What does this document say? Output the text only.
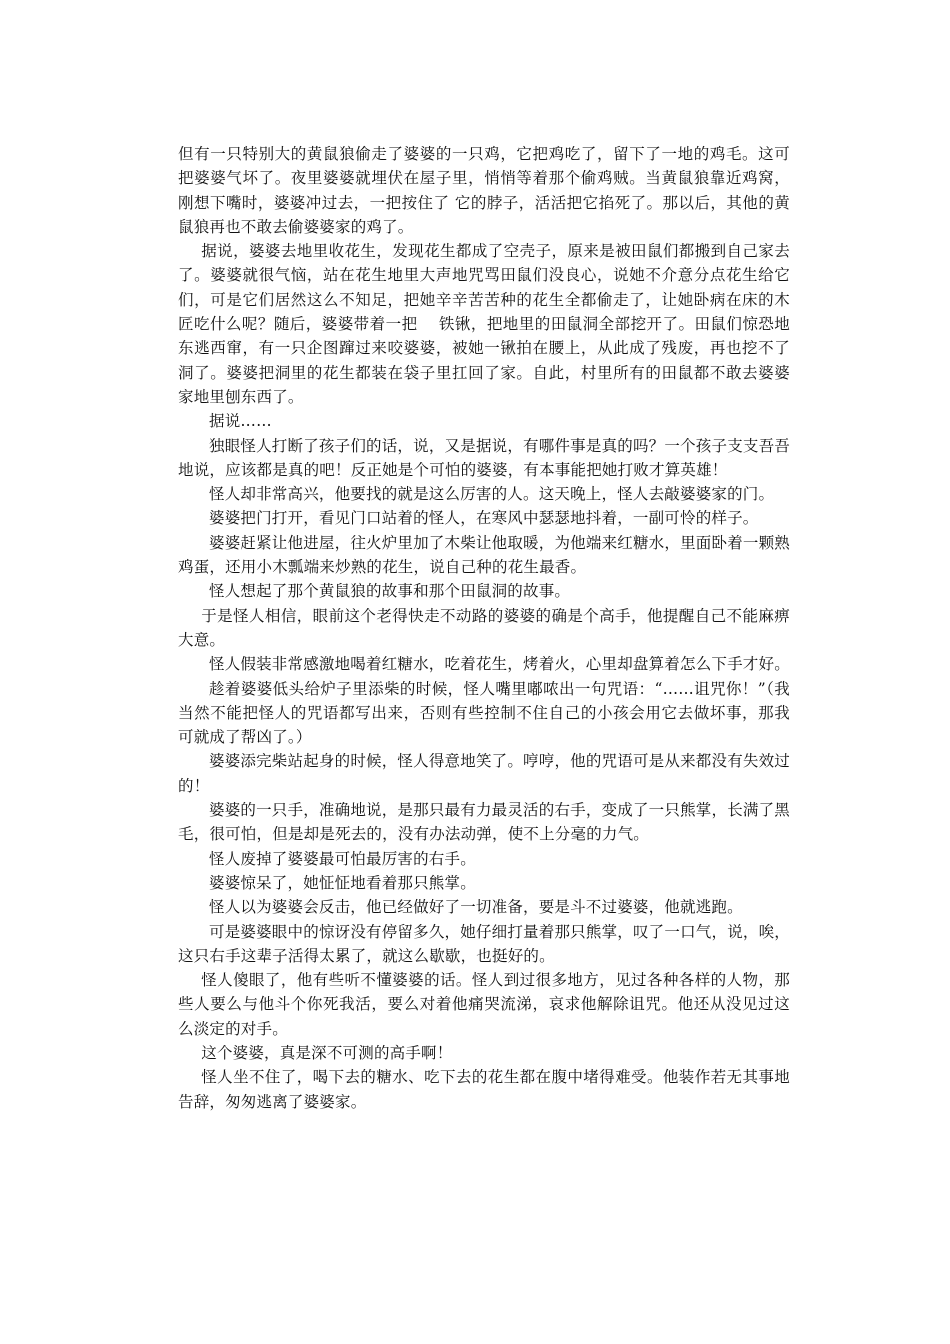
但有一只特别大的黄鼠狼偷走了婆婆的一只鸡，它把鸡吃了，留下了一地的鸡毛。这可把婆婆气坏了。夜里婆婆就埋伏在屋子里，悄悄等着那个偷鸡贼。当黄鼠狼靠近鸡窝，刚想下嘴时，婆婆冲过去，一把按住了 它的脖子，活活把它掐死了。那以后，其他的黄鼠狼再也不敢去偷婆婆家的鸡了。

据说，婆婆去地里收花生，发现花生都成了空壳子，原来是被田鼠们都搬到自己家去了。婆婆就很气恼，站在花生地里大声地咒骂田鼠们没良心，说她不介意分点花生给它们，可是它们居然这么不知足，把她辛辛苦苦种的花生全都偷走了，让她卧病在床的木匠吃什么呢？随后，婆婆带着一把　 铁锹，把地里的田鼠洞全部挖开了。田鼠们惊恐地东逃西窜，有一只企图蹿过来咬婆婆，被她一锹拍在腰上，从此成了残废，再也挖不了洞了。婆婆把洞里的花生都装在袋子里扛回了家。自此，村里所有的田鼠都不敢去婆婆家地里刨东西了。

据说……

独眼怪人打断了孩子们的话，说，又是据说，有哪件事是真的吗？一个孩子支支吾吾地说，应该都是真的吧！反正她是个可怕的婆婆，有本事能把她打败才算英雄！

怪人却非常高兴，他要找的就是这么厉害的人。这天晚上，怪人去敲婆婆家的门。

婆婆把门打开，看见门口站着的怪人，在寒风中瑟瑟地抖着，一副可怜的样子。

婆婆赶紧让他进屋，往火炉里加了木柴让他取暖，为他端来红糖水，里面卧着一颗熟鸡蛋，还用小木瓢端来炒熟的花生，说自己种的花生最香。

怪人想起了那个黄鼠狼的故事和那个田鼠洞的故事。

于是怪人相信，眼前这个老得快走不动路的婆婆的确是个高手，他提醒自己不能麻痹大意。

怪人假装非常感激地喝着红糖水，吃着花生，烤着火，心里却盘算着怎么下手才好。

趁着婆婆低头给炉子里添柴的时候，怪人嘴里嘟哝出一句咒语：“……诅咒你！”（我当然不能把怪人的咒语都写出来，否则有些控制不住自己的小孩会用它去做坏事，那我可就成了帮凶了。）

婆婆添完柴站起身的时候，怪人得意地笑了。哼哼，他的咒语可是从来都没有失效过的！

婆婆的一只手，准确地说，是那只最有力最灵活的右手，变成了一只熊掌，长满了黑毛，很可怕，但是却是死去的，没有办法动弹，使不上分毫的力气。

怪人废掉了婆婆最可怕最厉害的右手。

婆婆惊呆了，她怔怔地看着那只熊掌。

怪人以为婆婆会反击，他已经做好了一切准备，要是斗不过婆婆，他就逃跑。

可是婆婆眼中的惊讶没有停留多久，她仔细打量着那只熊掌，叹了一口气，说，唉，这只右手这辈子活得太累了，就这么歇歇，也挺好的。

怪人傻眼了，他有些听不懂婆婆的话。怪人到过很多地方，见过各种各样的人物，那些人要么与他斗个你死我活，要么对着他痛哭流涕，哀求他解除诅咒。他还从没见过这么淡定的对手。

这个婆婆，真是深不可测的高手啊！

怪人坐不住了，喝下去的糖水、吃下去的花生都在腹中堵得难受。他装作若无其事地告辞，匆匆逃离了婆婆家。
